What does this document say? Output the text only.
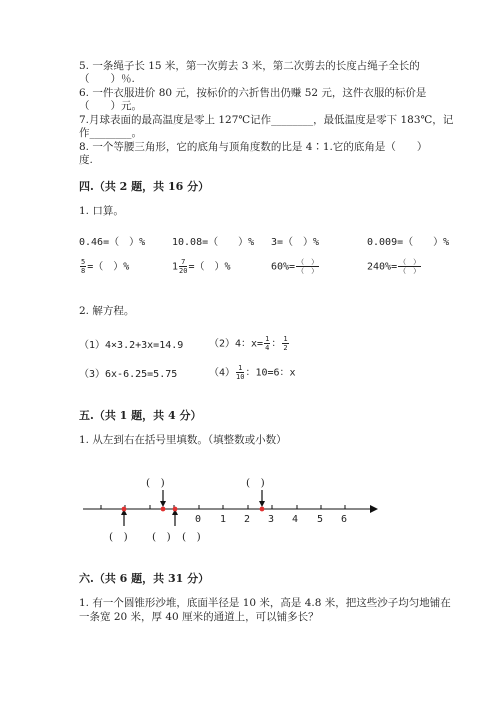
5. 一条绳子长 15 米，第一次剪去 3 米，第二次剪去的长度占绳子全长的
（　　）％.
6. 一件衣服进价 80 元，按标价的六折售出仍赚 52 元，这件衣服的标价是
（　　）元。
7.月球表面的最高温度是零上 127℃记作________，最低温度是零下 183℃，记
作________。
8. 一个等腰三角形，它的底角与顶角度数的比是 4∶1.它的底角是（　　）
度.
四.（共 2 题，共 16 分）
1. 口算。
0.46=（　）%	10.08=（　　）% 3=（　）%	0.009=（　　）%
$\frac{5}{8}$ =（　）%	$1 \frac{7}{20}$ =（　）%	$60\%= \frac{( )}{( )}$	$240\%= \frac{( )}{( )}$
2. 解方程。
（1）4×3.2+3x=14.9	（2）4：$x= \frac{1}{4}$ ： $\frac{1}{2}$
（3）6x-6.25=5.75	$(4) \frac{1}{10}$ ：10=6：x
五.（共 1 题，共 4 分）
1. 从左到右在括号里填数。（填整数或小数）
(　)	(　)
0 1 2 3 4 5 6
(　) (　) (　)
六.（共 6 题，共 31 分）
1. 有一个圆锥形沙堆，底面半径是 10 米，高是 4.8 米，把这些沙子均匀地铺在
一条宽 20 米，厚 40 厘米的通道上，可以铺多长？
